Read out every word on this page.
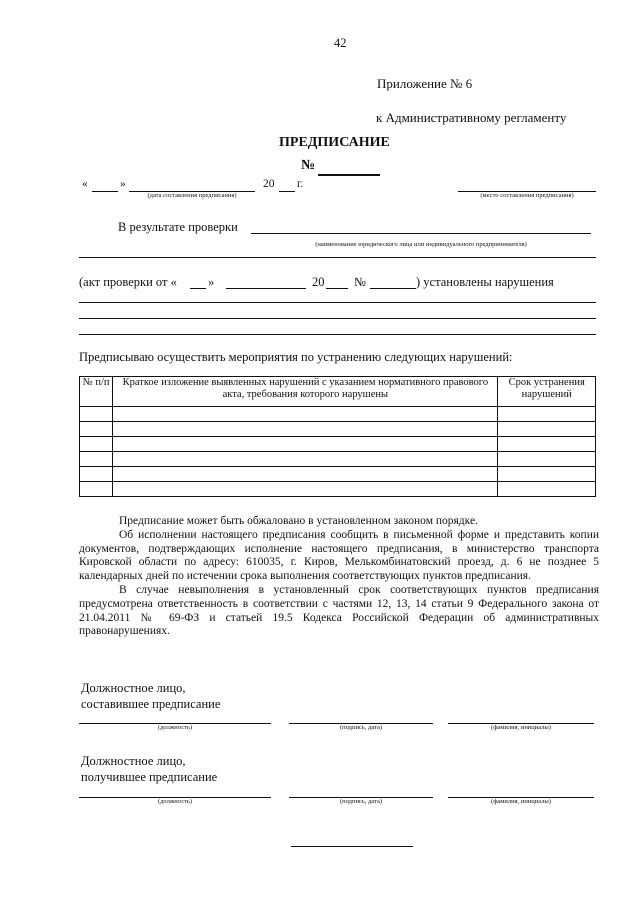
42
Приложение № 6
к Административному регламенту
ПРЕДПИСАНИЕ
№
«	»
(дата составления предписания)
20 г.
(место составления предписания)
В результате проверки
(наименование юридического лица или индивидуального предпринимателя)
(акт проверки от « »	20 №	) установлены нарушения
Предписываю осуществить мероприятия по устранению следующих нарушений:
№ п/п	Краткое изложение выявленных нарушений с указанием нормативного правового акта, требования которого нарушены	Срок устранения нарушений

Предписание может быть обжаловано в установленном законом порядке.

Об исполнении настоящего предписания сообщить в письменной форме и представить копии документов, подтверждающих исполнение настоящего предписания, в министерство транспорта Кировской области по адресу: 610035, г. Киров, Мелькомбинатовский проезд, д. 6 не позднее 5 календарных дней по истечении срока выполнения соответствующих пунктов предписания.

В случае невыполнения в установленный срок соответствующих пунктов предписания предусмотрена ответственность в соответствии с частями 12, 13, 14 статьи 9 Федерального закона от 21.04.2011 № 69-ФЗ и статьей 19.5 Кодекса Российской Федерации об административных правонарушениях.

Должностное лицо,
составившее предписание
(должность)	(подпись, дата)	(фамилия, инициалы)
Должностное лицо,
получившее предписание
(должность)	(подпись, дата)	(фамилия, инициалы)
